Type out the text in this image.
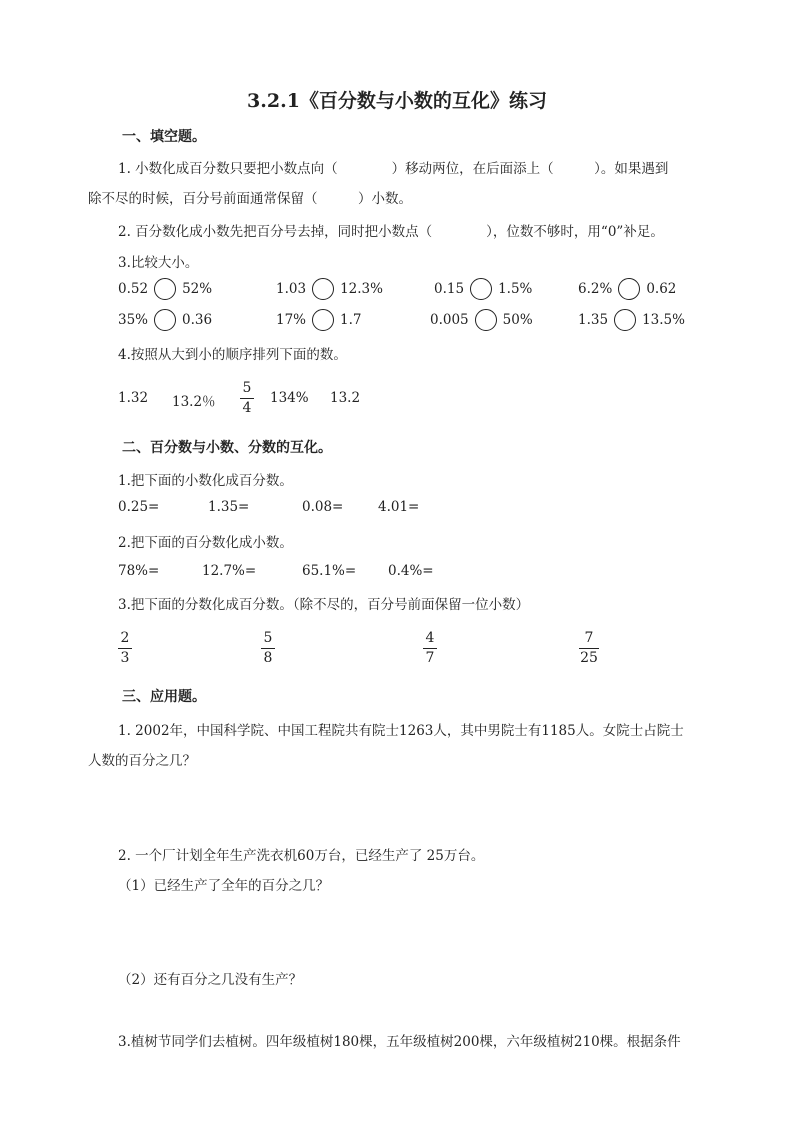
3.2.1《百分数与小数的互化》练习
一、填空题。
1. 小数化成百分数只要把小数点向（　　　　）移动两位，在后面添上（　　　）。如果遇到
除不尽的时候，百分号前面通常保留（　　　）小数。
2. 百分数化成小数先把百分号去掉，同时把小数点（　　　　），位数不够时，用“0”补足。
3.比较大小。
0.52	52%	1.03	12.3%	0.15	1.5%	6.2%	0.62
35%	0.36	17%	1.7	0.005	50%	1.35	13.5%
4.按照从大到小的顺序排列下面的数。
1.32 13.2％
5
4
134% 13.2
二、百分数与小数、分数的互化。
1.把下面的小数化成百分数。
0.25=	1.35=	0.08=	4.01=
2.把下面的百分数化成小数。
78%=	12.7%=	65.1%= 0.4%=
3.把下面的分数化成百分数。（除不尽的，百分号前面保留一位小数）
2
3
5
8
4
7
7
25
三、应用题。
1. 2002年，中国科学院、中国工程院共有院士1263人，其中男院士有1185人。女院士占院士
人数的百分之几？
2. 一个厂计划全年生产洗衣机60万台，已经生产了 25万台。
（1）已经生产了全年的百分之几？
（2）还有百分之几没有生产？
3.植树节同学们去植树。四年级植树180棵，五年级植树200棵，六年级植树210棵。根据条件
